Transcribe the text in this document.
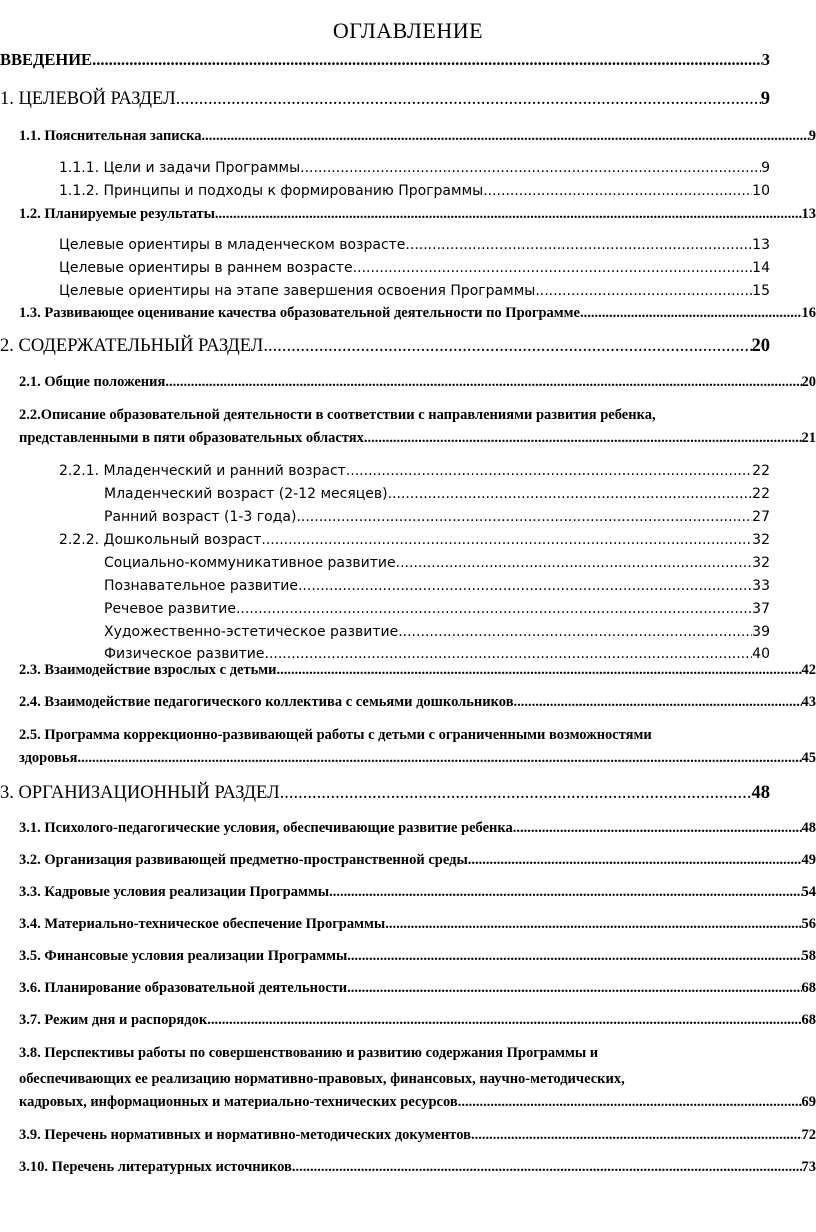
ОГЛАВЛЕНИЕ
ВВЕДЕНИЕ .....	3
1. ЦЕЛЕВОЙ РАЗДЕЛ .....	9
1.1. Пояснительная записка .....	9
1.1.1. Цели и задачи Программы .....	9
1.1.2. Принципы и подходы к формированию Программы .....	10
1.2. Планируемые результаты .....	13
Целевые ориентиры в младенческом возрасте .....	13
Целевые ориентиры в раннем возрасте .....	14
Целевые ориентиры на этапе завершения освоения Программы .....	15
1.3. Развивающее оценивание качества образовательной деятельности по Программе .....	16
2. СОДЕРЖАТЕЛЬНЫЙ РАЗДЕЛ .....	20
2.1. Общие положения .....	20
2.2.Описание образовательной деятельности в соответствии с направлениями развития ребенка,
представленными в пяти образовательных областях. .....	21
2.2.1. Младенческий и ранний возраст .....	22
Младенческий возраст (2-12 месяцев) .....	22
Ранний возраст (1-3 года) .....	27
2.2.2. Дошкольный возраст .....	32
Социально-коммуникативное развитие .....	32
Познавательное развитие .....	33
Речевое развитие .....	37
Художественно-эстетическое развитие .....	39
Физическое развитие .....	40
2.3. Взаимодействие взрослых с детьми .....	42
2.4. Взаимодействие педагогического коллектива с семьями дошкольников .....	43
2.5. Программа коррекционно-развивающей работы с детьми с ограниченными возможностями
здоровья .....	45
3. ОРГАНИЗАЦИОННЫЙ РАЗДЕЛ .....	48
3.1. Психолого-педагогические условия, обеспечивающие развитие ребенка .....	48
3.2. Организация развивающей предметно-пространственной среды .....	49
3.3. Кадровые условия реализации Программы .....	54
3.4. Материально-техническое обеспечение Программы .....	56
3.5. Финансовые условия реализации Программы .....	58
3.6. Планирование образовательной деятельности .....	68
3.7. Режим дня и распорядок .....	68
3.8. Перспективы работы по совершенствованию и развитию содержания Программы и
обеспечивающих ее реализацию нормативно-правовых, финансовых, научно-методических,
кадровых, информационных и материально-технических ресурсов .....	69
3.9. Перечень нормативных и нормативно-методических документов .....	72
3.10. Перечень литературных источников .....	73
